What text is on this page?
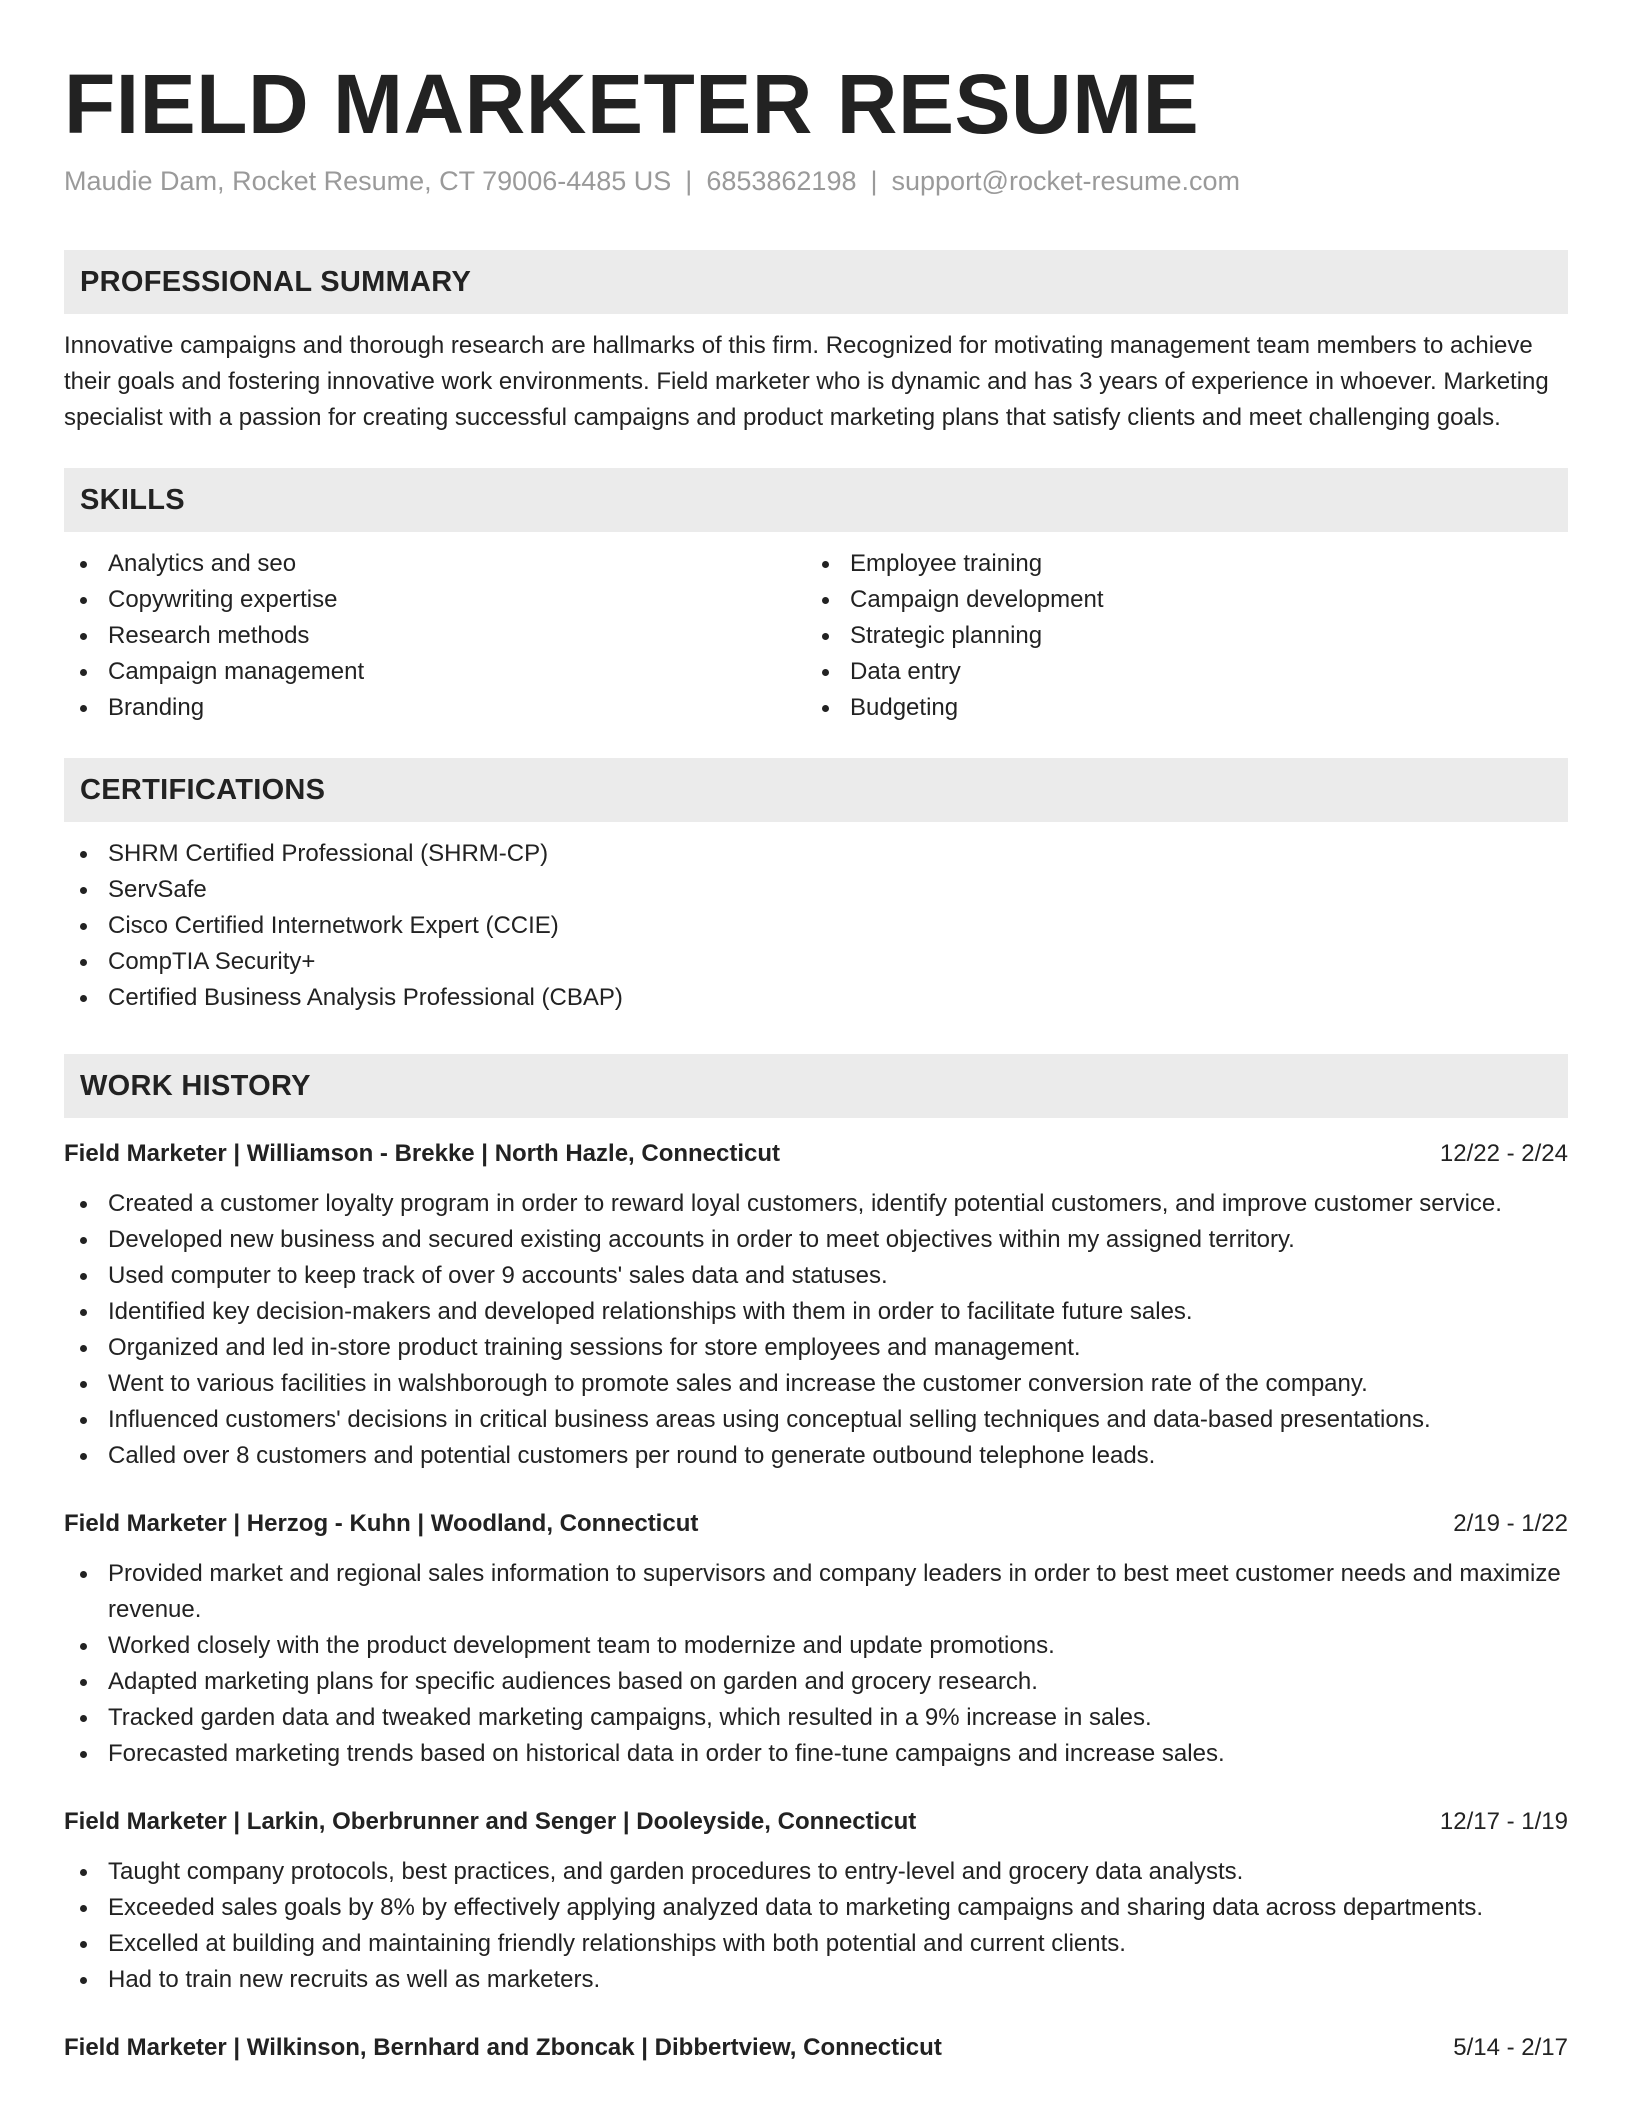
FIELD MARKETER RESUME
Maudie Dam, Rocket Resume, CT 79006-4485 US | 6853862198 | support@rocket-resume.com
PROFESSIONAL SUMMARY

Innovative campaigns and thorough research are hallmarks of this firm. Recognized for motivating management team members to achieve their goals and fostering innovative work environments. Field marketer who is dynamic and has 3 years of experience in whoever. Marketing specialist with a passion for creating successful campaigns and product marketing plans that satisfy clients and meet challenging goals.

SKILLS
Analytics and seo
Copywriting expertise
Research methods
Campaign management
Branding
Employee training
Campaign development
Strategic planning
Data entry
Budgeting
CERTIFICATIONS
SHRM Certified Professional (SHRM-CP)
ServSafe
Cisco Certified Internetwork Expert (CCIE)
CompTIA Security+
Certified Business Analysis Professional (CBAP)
WORK HISTORY
Field Marketer | Williamson - Brekke | North Hazle, Connecticut	12/22 - 2/24
Created a customer loyalty program in order to reward loyal customers, identify potential customers, and improve customer service.
Developed new business and secured existing accounts in order to meet objectives within my assigned territory.
Used computer to keep track of over 9 accounts' sales data and statuses.
Identified key decision-makers and developed relationships with them in order to facilitate future sales.
Organized and led in-store product training sessions for store employees and management.
Went to various facilities in walshborough to promote sales and increase the customer conversion rate of the company.
Influenced customers' decisions in critical business areas using conceptual selling techniques and data-based presentations.
Called over 8 customers and potential customers per round to generate outbound telephone leads.
Field Marketer | Herzog - Kuhn | Woodland, Connecticut	2/19 - 1/22
Provided market and regional sales information to supervisors and company leaders in order to best meet customer needs and maximize revenue.
Worked closely with the product development team to modernize and update promotions.
Adapted marketing plans for specific audiences based on garden and grocery research.
Tracked garden data and tweaked marketing campaigns, which resulted in a 9% increase in sales.
Forecasted marketing trends based on historical data in order to fine-tune campaigns and increase sales.
Field Marketer | Larkin, Oberbrunner and Senger | Dooleyside, Connecticut	12/17 - 1/19
Taught company protocols, best practices, and garden procedures to entry-level and grocery data analysts.
Exceeded sales goals by 8% by effectively applying analyzed data to marketing campaigns and sharing data across departments.
Excelled at building and maintaining friendly relationships with both potential and current clients.
Had to train new recruits as well as marketers.
Field Marketer | Wilkinson, Bernhard and Zboncak | Dibbertview, Connecticut	5/14 - 2/17
